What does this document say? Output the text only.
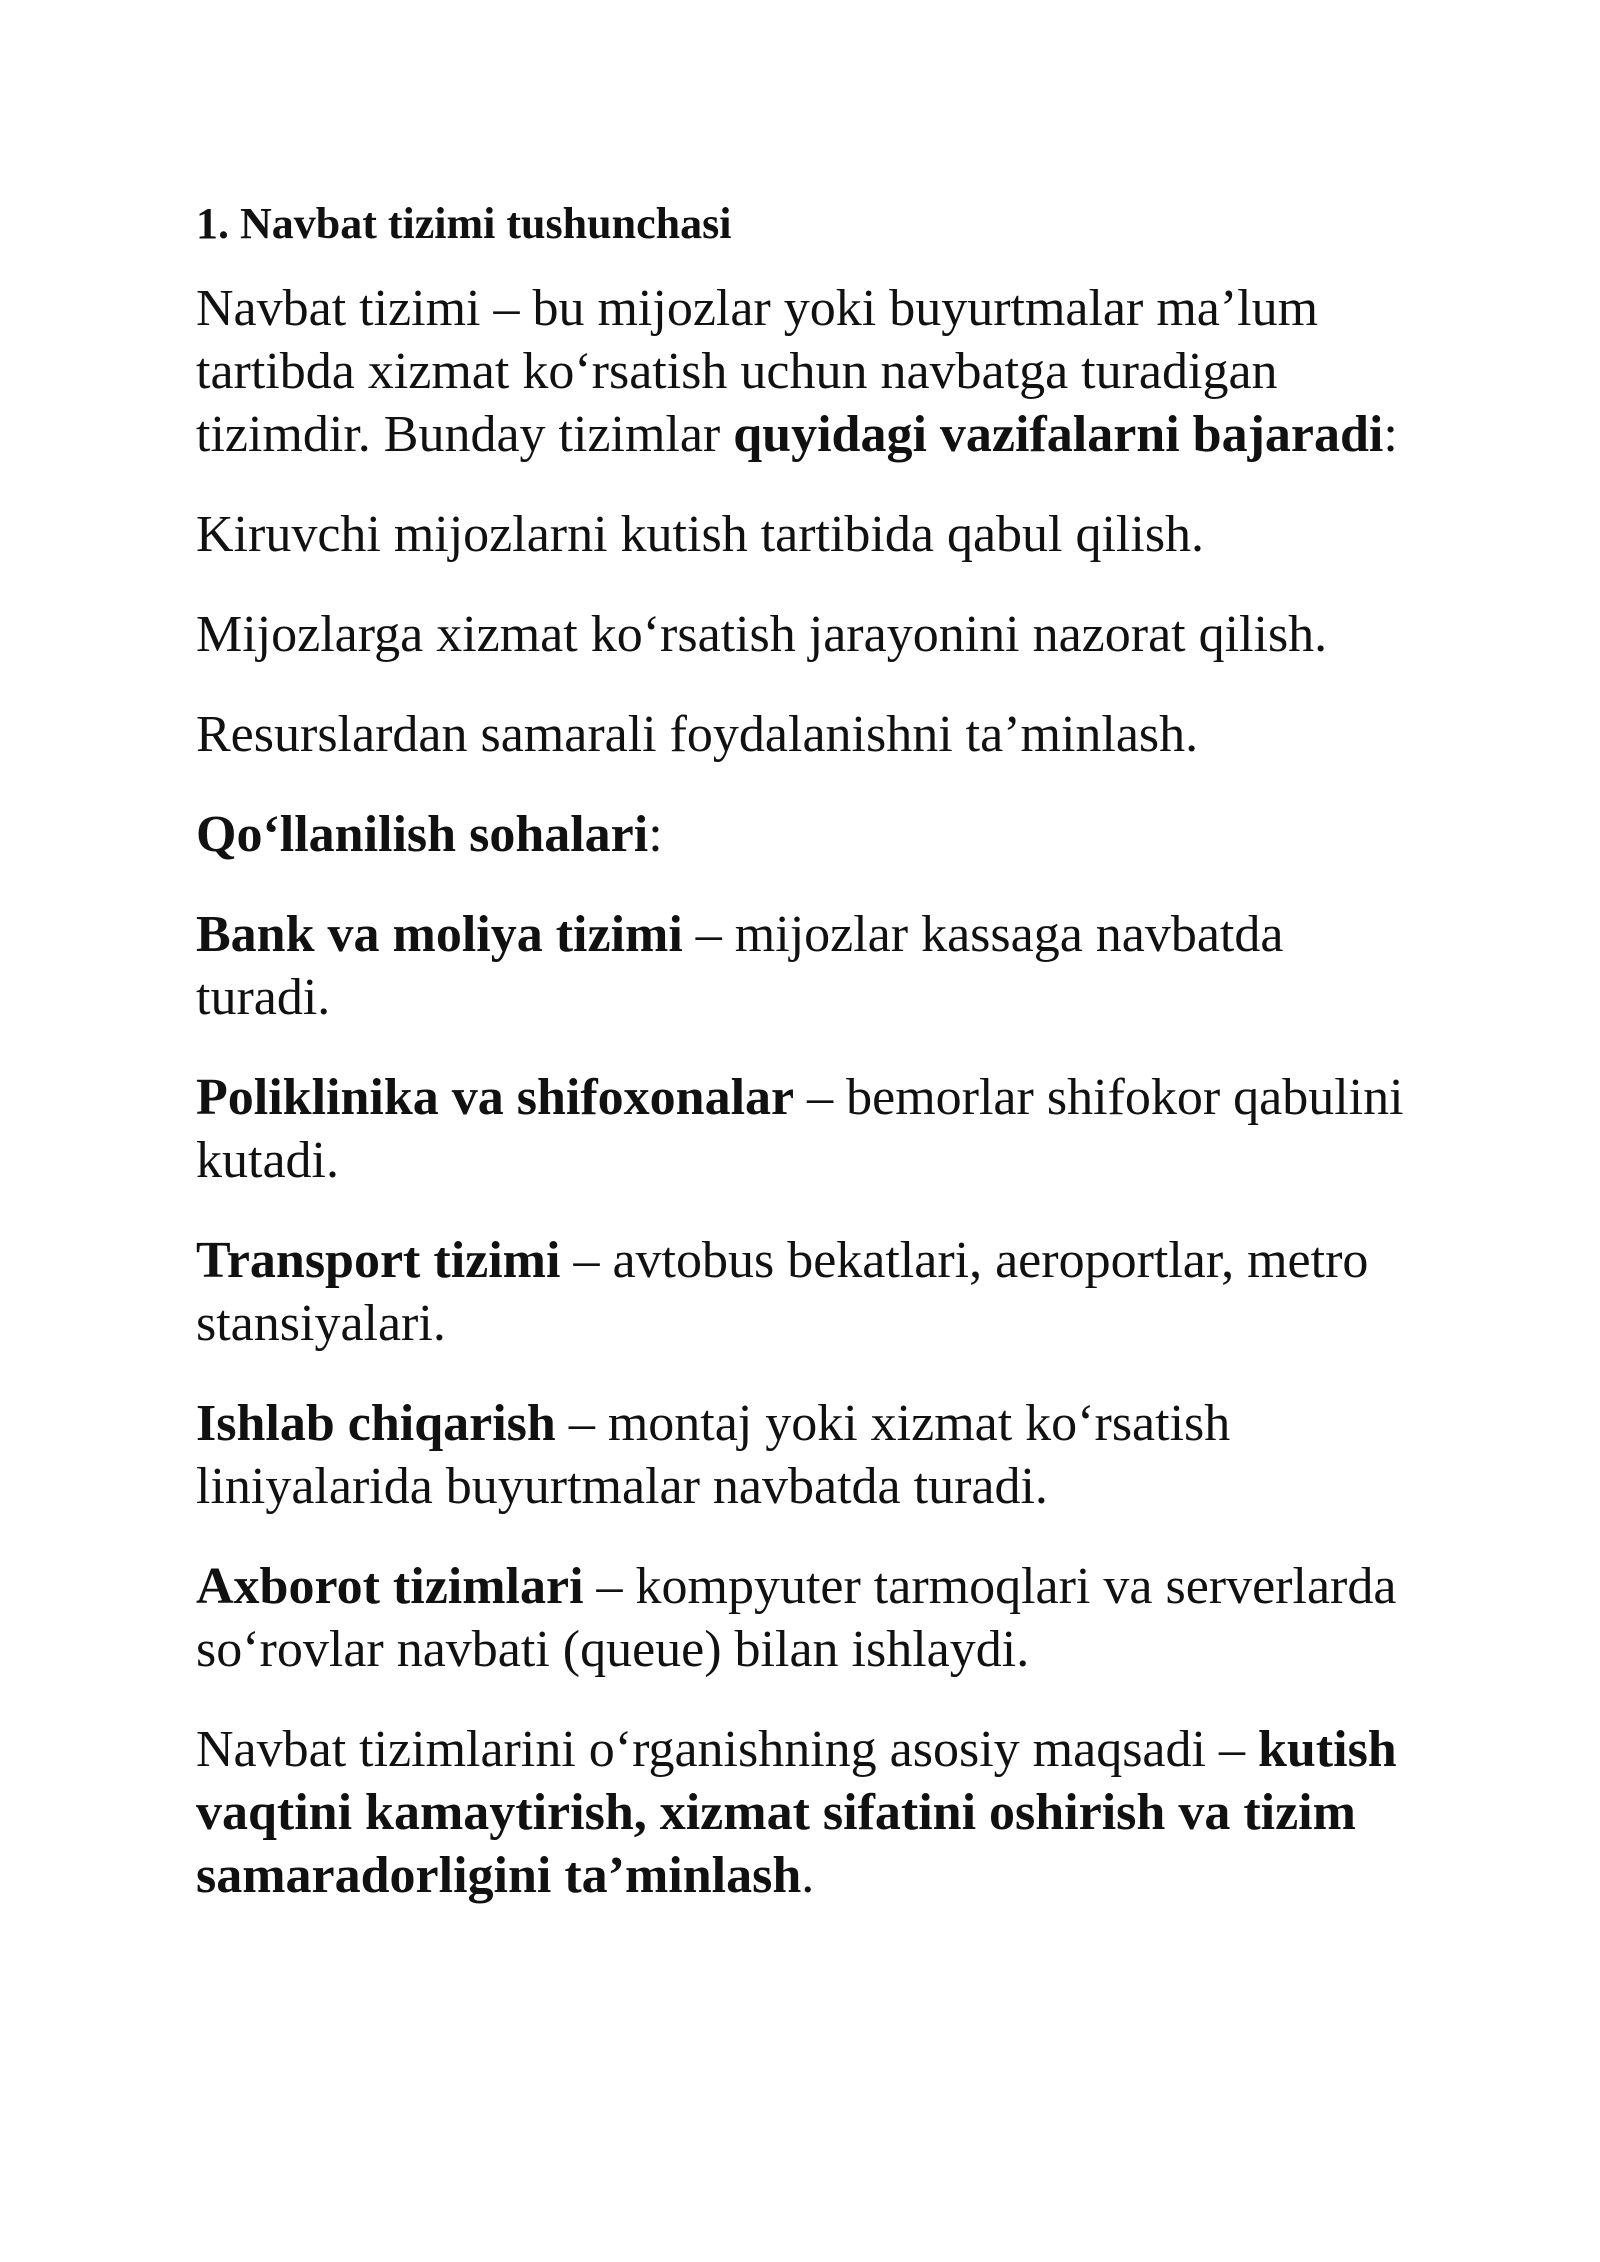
1. Navbat tizimi tushunchasi

Navbat tizimi – bu mijozlar yoki buyurtmalar ma’lum tartibda xizmat ko‘rsatish uchun navbatga turadigan tizimdir. Bunday tizimlar quyidagi vazifalarni bajaradi:

Kiruvchi mijozlarni kutish tartibida qabul qilish.

Mijozlarga xizmat ko‘rsatish jarayonini nazorat qilish.

Resurslardan samarali foydalanishni ta’minlash.

Qo‘llanilish sohalari:

Bank va moliya tizimi – mijozlar kassaga navbatda turadi.

Poliklinika va shifoxonalar – bemorlar shifokor qabulini kutadi.

Transport tizimi – avtobus bekatlari, aeroportlar, metro stansiyalari.

Ishlab chiqarish – montaj yoki xizmat ko‘rsatish liniyalarida buyurtmalar navbatda turadi.

Axborot tizimlari – kompyuter tarmoqlari va serverlarda so‘rovlar navbati (queue) bilan ishlaydi.

Navbat tizimlarini o‘rganishning asosiy maqsadi – kutish vaqtini kamaytirish, xizmat sifatini oshirish va tizim samaradorligini ta’minlash.
